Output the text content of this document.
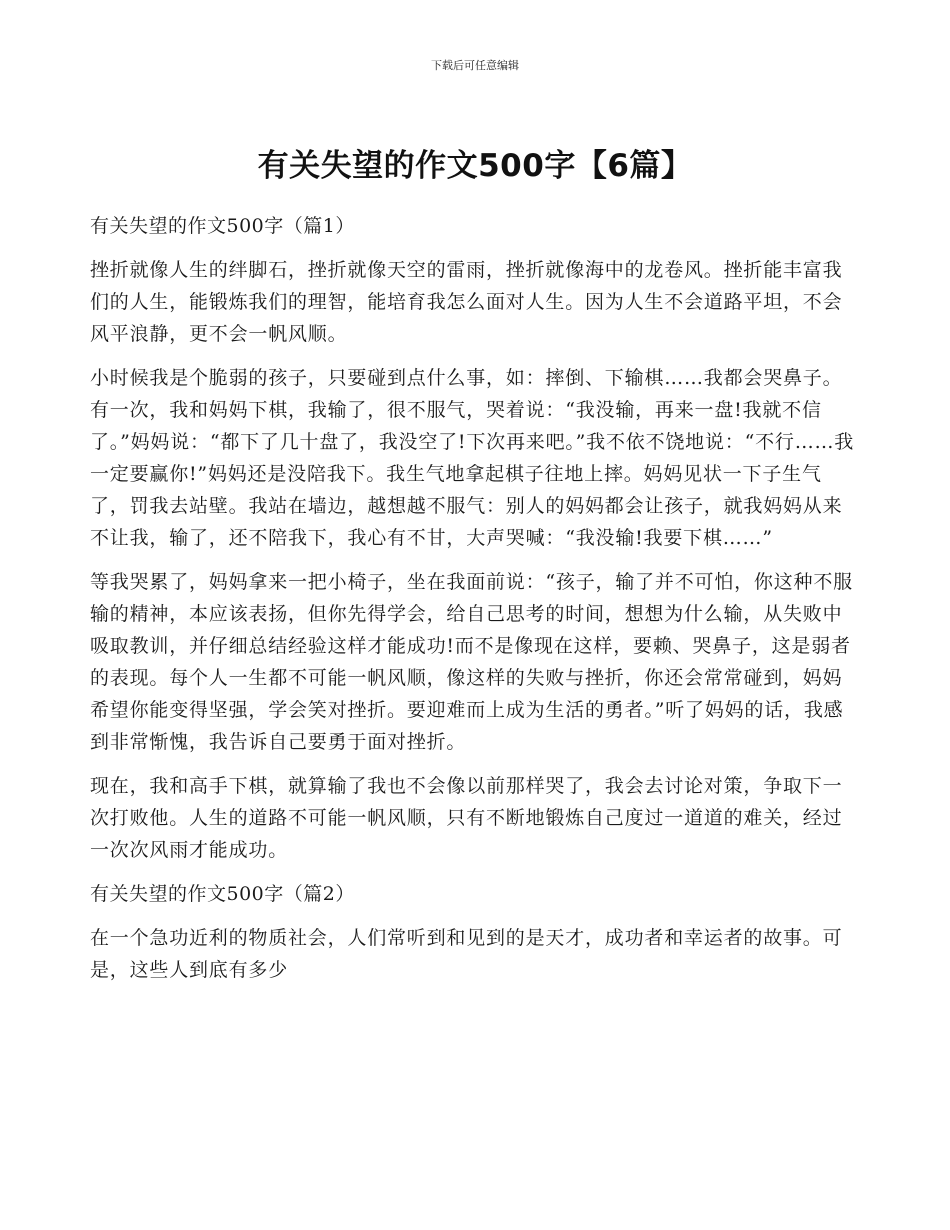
下载后可任意编辑

有关失望的作文500字【6篇】
有关失望的作文500字（篇1）

挫折就像人生的绊脚石，挫折就像天空的雷雨，挫折就像海中的龙卷风。挫折能丰富我们的人生，能锻炼我们的理智，能培育我怎么面对人生。因为人生不会道路平坦，不会风平浪静，更不会一帆风顺。

小时候我是个脆弱的孩子，只要碰到点什么事，如：摔倒、下输棋……我都会哭鼻子。有一次，我和妈妈下棋，我输了，很不服气，哭着说：“我没输，再来一盘!我就不信了。”妈妈说：“都下了几十盘了，我没空了!下次再来吧。”我不依不饶地说：“不行……我一定要赢你!”妈妈还是没陪我下。我生气地拿起棋子往地上摔。妈妈见状一下子生气了，罚我去站壁。我站在墙边，越想越不服气：别人的妈妈都会让孩子，就我妈妈从来不让我，输了，还不陪我下，我心有不甘，大声哭喊：“我没输!我要下棋……”

等我哭累了，妈妈拿来一把小椅子，坐在我面前说：“孩子，输了并不可怕，你这种不服输的精神，本应该表扬，但你先得学会，给自己思考的时间，想想为什么输，从失败中吸取教训，并仔细总结经验这样才能成功!而不是像现在这样，要赖、哭鼻子，这是弱者的表现。每个人一生都不可能一帆风顺，像这样的失败与挫折，你还会常常碰到，妈妈希望你能变得坚强，学会笑对挫折。要迎难而上成为生活的勇者。”听了妈妈的话，我感到非常惭愧，我告诉自己要勇于面对挫折。

现在，我和高手下棋，就算输了我也不会像以前那样哭了，我会去讨论对策，争取下一次打败他。人生的道路不可能一帆风顺，只有不断地锻炼自己度过一道道的难关，经过一次次风雨才能成功。

有关失望的作文500字（篇2）

在一个急功近利的物质社会，人们常听到和见到的是天才，成功者和幸运者的故事。可是，这些人到底有多少
